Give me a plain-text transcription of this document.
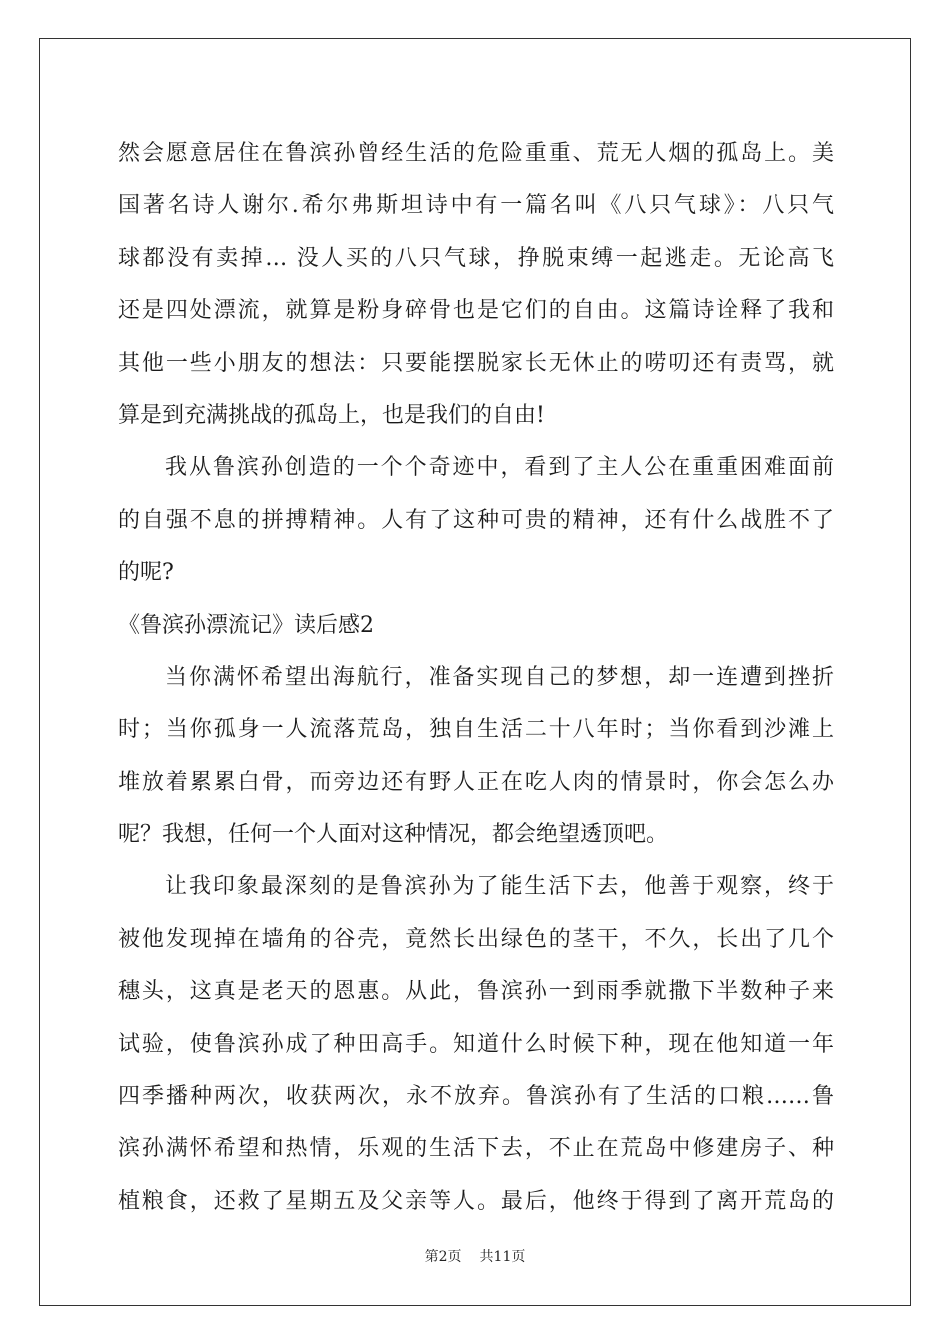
然会愿意居住在鲁滨孙曾经生活的危险重重、荒无人烟的孤岛上。美
国著名诗人谢尔.希尔弗斯坦诗中有一篇名叫《八只气球》：八只气
球都没有卖掉… 没人买的八只气球，挣脱束缚一起逃走。无论高飞
还是四处漂流，就算是粉身碎骨也是它们的自由。这篇诗诠释了我和
其他一些小朋友的想法：只要能摆脱家长无休止的唠叨还有责骂，就
算是到充满挑战的孤岛上，也是我们的自由!
我从鲁滨孙创造的一个个奇迹中，看到了主人公在重重困难面前
的自强不息的拼搏精神。人有了这种可贵的精神，还有什么战胜不了
的呢?
《鲁滨孙漂流记》读后感2
当你满怀希望出海航行，准备实现自己的梦想，却一连遭到挫折
时；当你孤身一人流落荒岛，独自生活二十八年时；当你看到沙滩上
堆放着累累白骨，而旁边还有野人正在吃人肉的情景时，你会怎么办
呢？我想，任何一个人面对这种情况，都会绝望透顶吧。
让我印象最深刻的是鲁滨孙为了能生活下去，他善于观察，终于
被他发现掉在墙角的谷壳，竟然长出绿色的茎干，不久，长出了几个
穗头，这真是老天的恩惠。从此，鲁滨孙一到雨季就撒下半数种子来
试验，使鲁滨孙成了种田高手。知道什么时候下种，现在他知道一年
四季播种两次，收获两次，永不放弃。鲁滨孙有了生活的口粮……鲁
滨孙满怀希望和热情，乐观的生活下去，不止在荒岛中修建房子、种
植粮食，还救了星期五及父亲等人。最后，他终于得到了离开荒岛的
第2页 共11页
